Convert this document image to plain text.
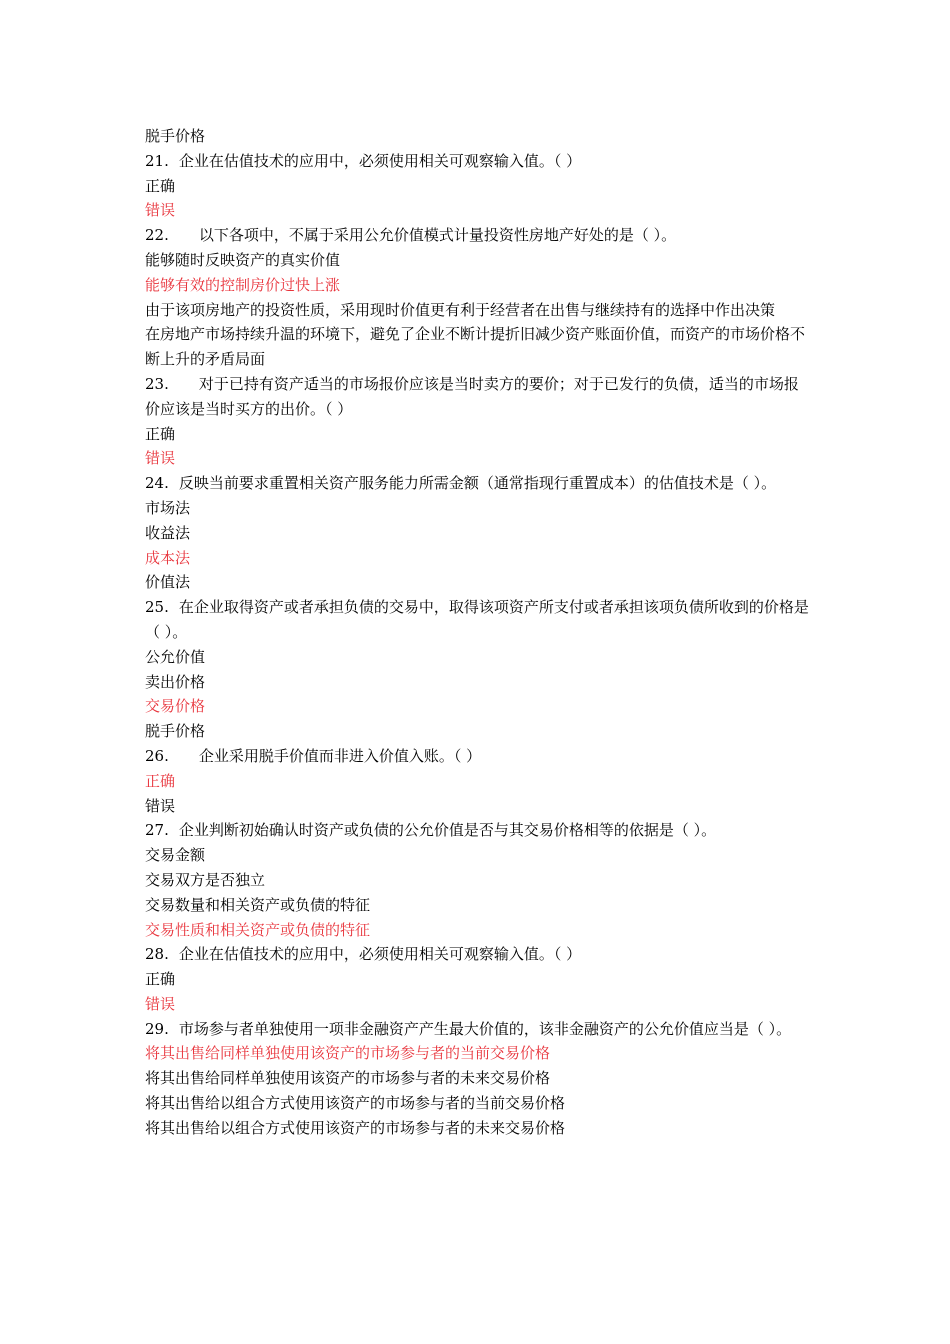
脱手价格

21. 企业在估值技术的应用中，必须使用相关可观察输入值。（ ）

正确

错误

22. 以下各项中，不属于采用公允价值模式计量投资性房地产好处的是（ ）。

能够随时反映资产的真实价值

能够有效的控制房价过快上涨

由于该项房地产的投资性质，采用现时价值更有利于经营者在出售与继续持有的选择中作出决策

在房地产市场持续升温的环境下，避免了企业不断计提折旧减少资产账面价值，而资产的市场价格不断上升的矛盾局面

23. 对于已持有资产适当的市场报价应该是当时卖方的要价；对于已发行的负债，适当的市场报价应该是当时买方的出价。（ ）

正确

错误

24. 反映当前要求重置相关资产服务能力所需金额（通常指现行重置成本）的估值技术是（ ）。

市场法

收益法

成本法

价值法

25. 在企业取得资产或者承担负债的交易中，取得该项资产所支付或者承担该项负债所收到的价格是（ ）。

公允价值

卖出价格

交易价格

脱手价格

26. 企业采用脱手价值而非进入价值入账。（ ）

正确

错误

27. 企业判断初始确认时资产或负债的公允价值是否与其交易价格相等的依据是（ ）。

交易金额

交易双方是否独立

交易数量和相关资产或负债的特征

交易性质和相关资产或负债的特征

28. 企业在估值技术的应用中，必须使用相关可观察输入值。（ ）

正确

错误

29. 市场参与者单独使用一项非金融资产产生最大价值的，该非金融资产的公允价值应当是（ ）。

将其出售给同样单独使用该资产的市场参与者的当前交易价格

将其出售给同样单独使用该资产的市场参与者的未来交易价格

将其出售给以组合方式使用该资产的市场参与者的当前交易价格

将其出售给以组合方式使用该资产的市场参与者的未来交易价格
